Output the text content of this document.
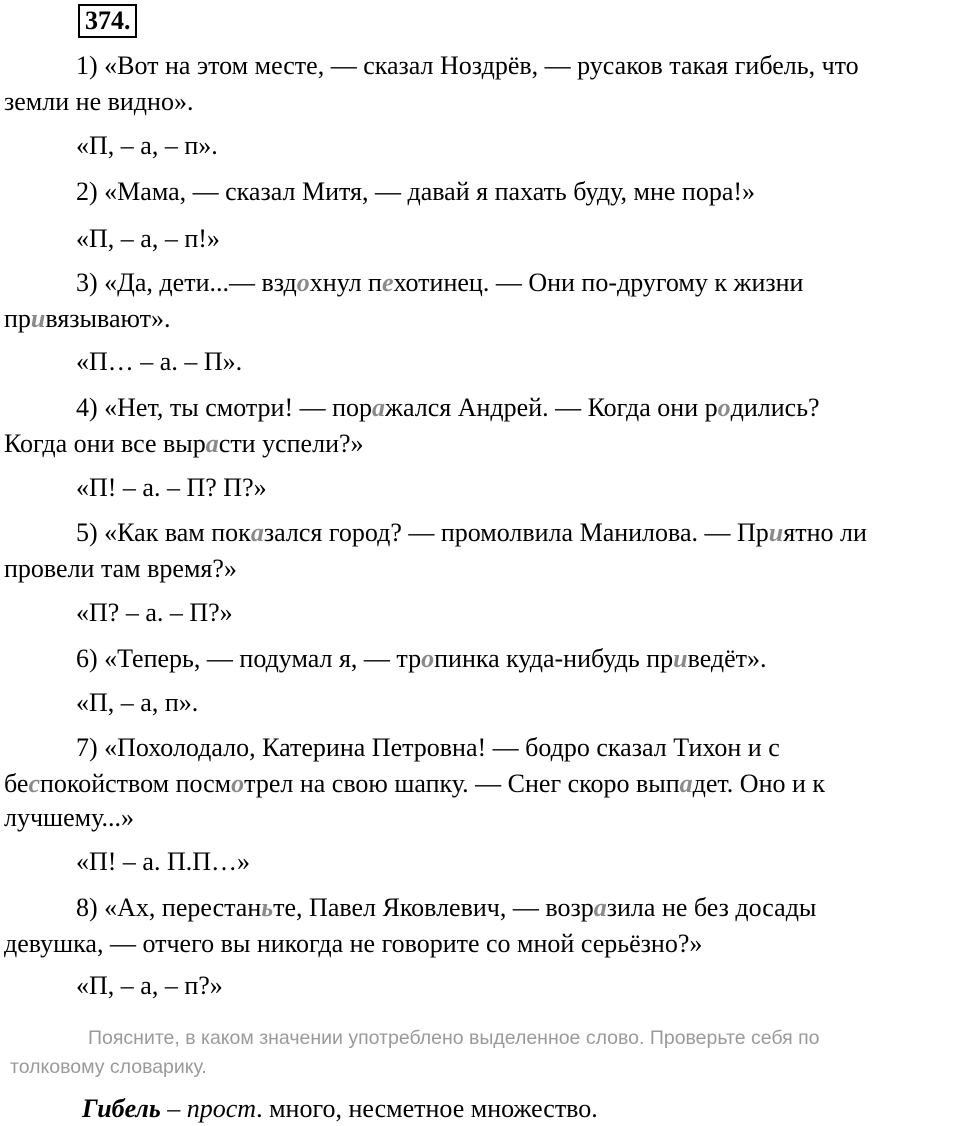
374.
1) «Вот на этом месте, — сказал Ноздрёв, — русаков такая гибель, что
земли не видно».
«П, – а, – п».
2) «Мама, — сказал Митя, — давай я пахать буду, мне пора!»
«П, – а, – п!»
3) «Да, дети...— вздохнул пехотинец. — Они по-другому к жизни
привязывают».
«П… – а. – П».
4) «Нет, ты смотри! — поражался Андрей. — Когда они родились?
Когда они все вырасти успели?»
«П! – а. – П? П?»
5) «Как вам показался город? — промолвила Манилова. — Приятно ли
провели там время?»
«П? – а. – П?»
6) «Теперь, — подумал я, — тропинка куда-нибудь приведёт».
«П, – а, п».
7) «Похолодало, Катерина Петровна! — бодро сказал Тихон и с
беспокойством посмотрел на свою шапку. — Снег скоро выпадет. Оно и к
лучшему...»
«П! – а. П.П…»
8) «Ах, перестаньте, Павел Яковлевич, — возразила не без досады
девушка, — отчего вы никогда не говорите со мной серьёзно?»
«П, – а, – п?»
Поясните, в каком значении употреблено выделенное слово. Проверьте себя по
толковому словарику.
Гибель – прост. много, несметное множество.
